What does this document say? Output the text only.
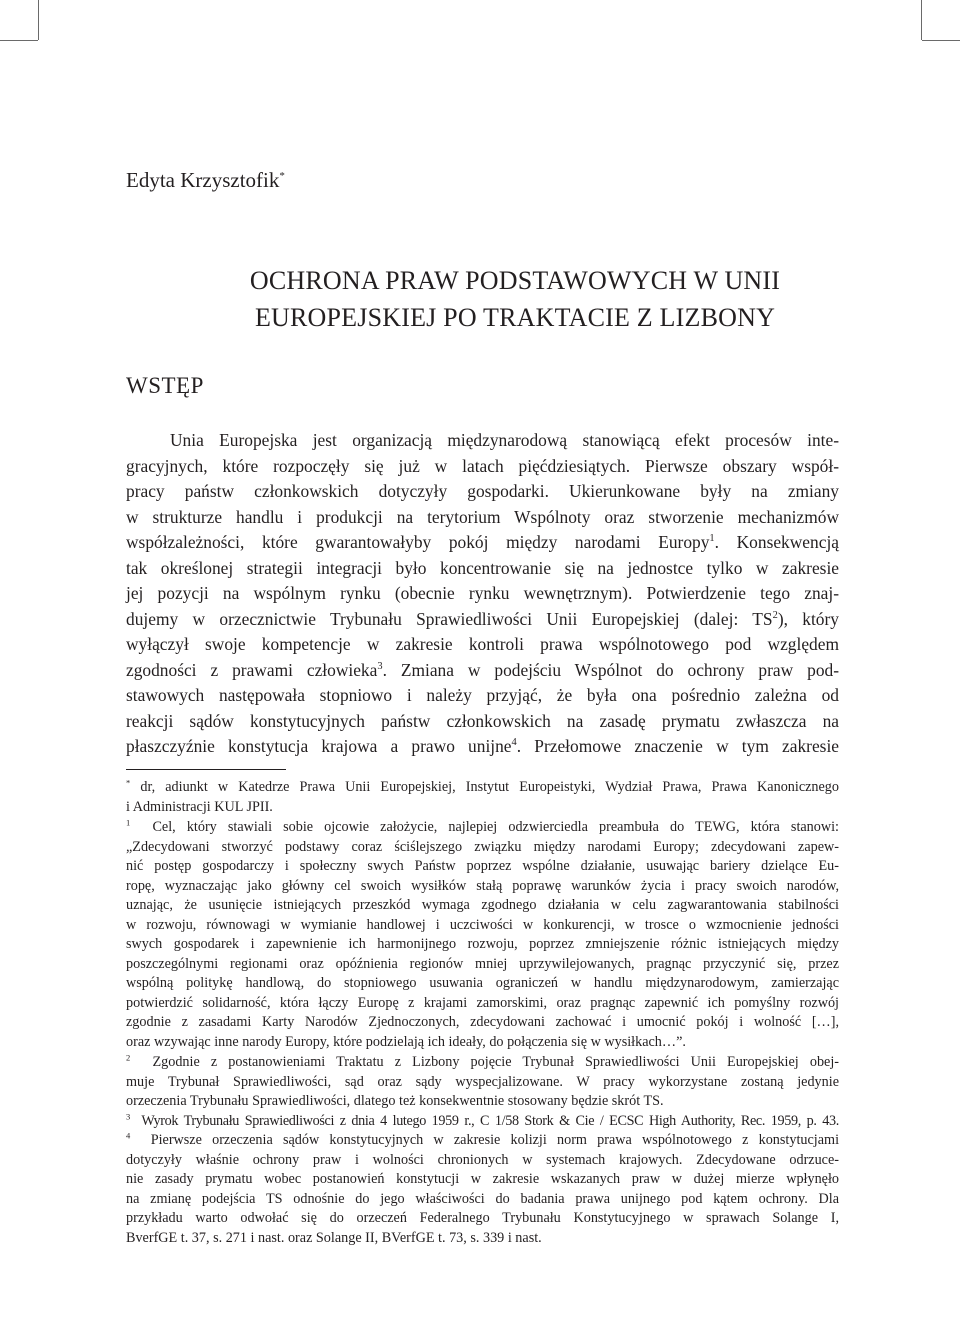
Edyta Krzysztofik*
OCHRONA PRAW PODSTAWOWYCH W UNII
EUROPEJSKIEJ PO TRAKTACIE Z LIZBONY
WSTĘP
Unia Europejska jest organizacją międzynarodową stanowiącą efekt procesów inte-
gracyjnych, które rozpoczęły się już w latach pięćdziesiątych. Pierwsze obszary współ-
pracy państw członkowskich dotyczyły gospodarki. Ukierunkowane były na zmiany
w strukturze handlu i produkcji na terytorium Wspólnoty oraz stworzenie mechanizmów
współzależności, które gwarantowałyby pokój między narodami Europy$^1$. Konsekwencją
tak określonej strategii integracji było koncentrowanie się na jednostce tylko w zakresie
jej pozycji na wspólnym rynku (obecnie rynku wewnętrznym). Potwierdzenie tego znaj-
dujemy w orzecznictwie Trybunału Sprawiedliwości Unii Europejskiej (dalej: $TS^2$), który
wyłączył swoje kompetencje w zakresie kontroli prawa wspólnotowego pod względem
zgodności z prawami człowieka$^3$. Zmiana w podejściu Wspólnot do ochrony praw pod-
stawowych następowała stopniowo i należy przyjąć, że była ona pośrednio zależna od
reakcji sądów konstytucyjnych państw członkowskich na zasadę prymatu zwłaszcza na
płaszczyźnie konstytucja krajowa a prawo unijne$^4$. Przełomowe znaczenie w tym zakresie
* dr, adiunkt w Katedrze Prawa Unii Europejskiej, Instytut Europeistyki, Wydział Prawa, Prawa Kanonicznego
i Administracji KUL JPII.
$^1$ Cel, który stawiali sobie ojcowie założycie, najlepiej odzwierciedla preambuła do TEWG, która stanowi:
„Zdecydowani stworzyć podstawy coraz ściślejszego związku między narodami Europy; zdecydowani zapew-
nić postęp gospodarczy i społeczny swych Państw poprzez wspólne działanie, usuwając bariery dzielące Eu-
ropę, wyznaczając jako główny cel swoich wysiłków stałą poprawę warunków życia i pracy swoich narodów,
uznając, że usunięcie istniejących przeszkód wymaga zgodnego działania w celu zagwarantowania stabilności
w rozwoju, równowagi w wymianie handlowej i uczciwości w konkurencji, w trosce o wzmocnienie jedności
swych gospodarek i zapewnienie ich harmonijnego rozwoju, poprzez zmniejszenie różnic istniejących między
poszczególnymi regionami oraz opóźnienia regionów mniej uprzywilejowanych, pragnąc przyczynić się, przez
wspólną politykę handlową, do stopniowego usuwania ograniczeń w handlu międzynarodowym, zamierzając
potwierdzić solidarność, która łączy Europę z krajami zamorskimi, oraz pragnąc zapewnić ich pomyślny rozwój
zgodnie z zasadami Karty Narodów Zjednoczonych, zdecydowani zachować i umocnić pokój i wolność […],
oraz wzywając inne narody Europy, które podzielają ich ideały, do połączenia się w wysiłkach…”.
$^2$ Zgodnie z postanowieniami Traktatu z Lizbony pojęcie Trybunał Sprawiedliwości Unii Europejskiej obej-
muje Trybunał Sprawiedliwości, sąd oraz sądy wyspecjalizowane. W pracy wykorzystane zostaną jedynie
orzeczenia Trybunału Sprawiedliwości, dlatego też konsekwentnie stosowany będzie skrót TS.
$^3$ Wyrok Trybunału Sprawiedliwości z dnia 4 lutego 1959 r., C 1/58 Stork & Cie / ECSC High Authority, Rec. 1959, p. 43.
$^4$ Pierwsze orzeczenia sądów konstytucyjnych w zakresie kolizji norm prawa wspólnotowego z konstytucjami
dotyczyły właśnie ochrony praw i wolności chronionych w systemach krajowych. Zdecydowane odrzuce-
nie zasady prymatu wobec postanowień konstytucji w zakresie wskazanych praw w dużej mierze wpłynęło
na zmianę podejścia TS odnośnie do jego właściwości do badania prawa unijnego pod kątem ochrony. Dla
przykładu warto odwołać się do orzeczeń Federalnego Trybunału Konstytucyjnego w sprawach Solange I,
BverfGE t. 37, s. 271 i nast. oraz Solange II, BVerfGE t. 73, s. 339 i nast.
